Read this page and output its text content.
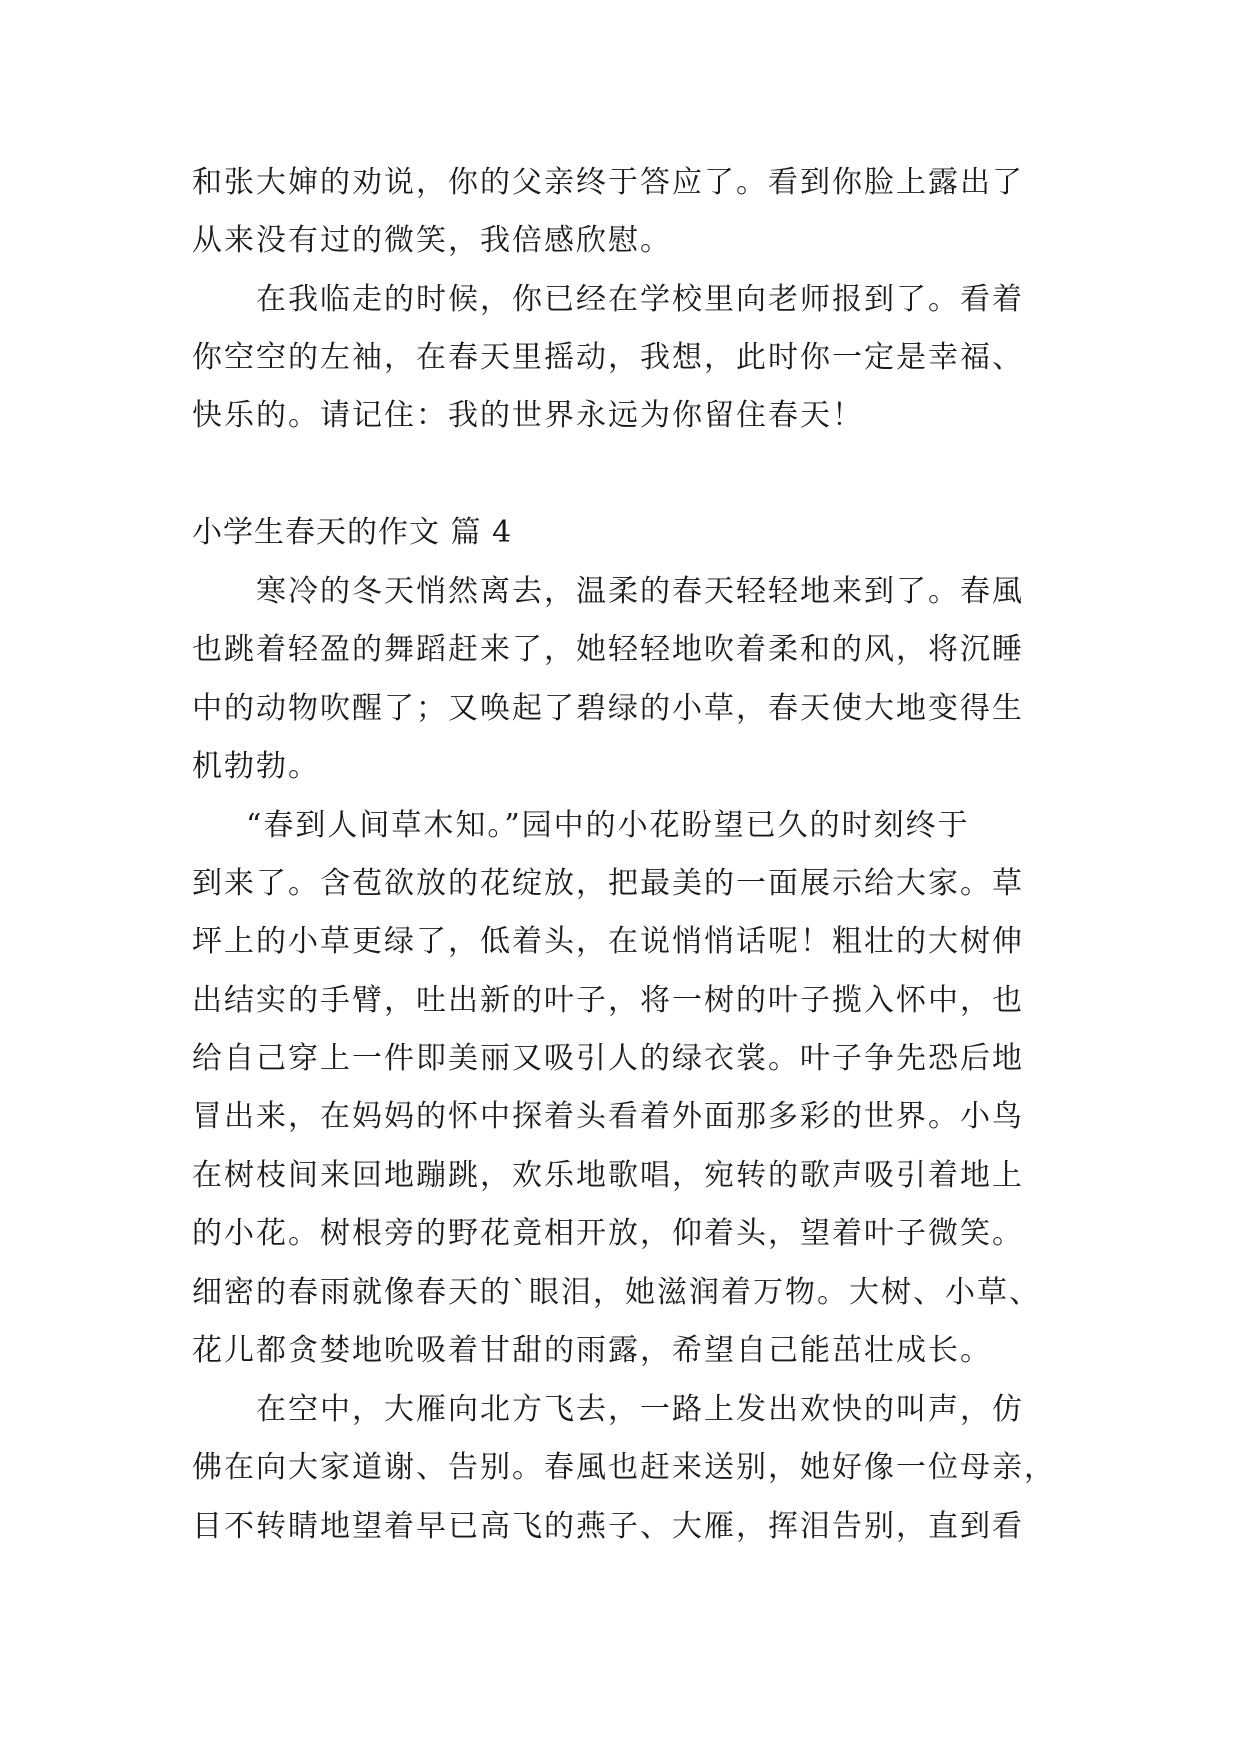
和张大婶的劝说，你的父亲终于答应了。看到你脸上露出了
从来没有过的微笑，我倍感欣慰。
在我临走的时候，你已经在学校里向老师报到了。看着
你空空的左袖，在春天里摇动，我想，此时你一定是幸福、
快乐的。请记住：我的世界永远为你留住春天！
小学生春天的作文 篇 4
寒冷的冬天悄然离去，温柔的春天轻轻地来到了。春風
也跳着轻盈的舞蹈赶来了，她轻轻地吹着柔和的风，将沉睡
中的动物吹醒了；又唤起了碧绿的小草，春天使大地变得生
机勃勃。
“春到人间草木知。”园中的小花盼望已久的时刻终于
到来了。含苞欲放的花绽放，把最美的一面展示给大家。草
坪上的小草更绿了，低着头，在说悄悄话呢！粗壮的大树伸
出结实的手臂，吐出新的叶子，将一树的叶子揽入怀中，也
给自己穿上一件即美丽又吸引人的绿衣裳。叶子争先恐后地
冒出来，在妈妈的怀中探着头看着外面那多彩的世界。小鸟
在树枝间来回地蹦跳，欢乐地歌唱，宛转的歌声吸引着地上
的小花。树根旁的野花竟相开放，仰着头，望着叶子微笑。
细密的春雨就像春天的`眼泪，她滋润着万物。大树、小草、
花儿都贪婪地吮吸着甘甜的雨露，希望自己能茁壮成长。
在空中，大雁向北方飞去，一路上发出欢快的叫声，仿
佛在向大家道谢、告别。春風也赶来送别，她好像一位母亲，
目不转睛地望着早已高飞的燕子、大雁，挥泪告别，直到看
